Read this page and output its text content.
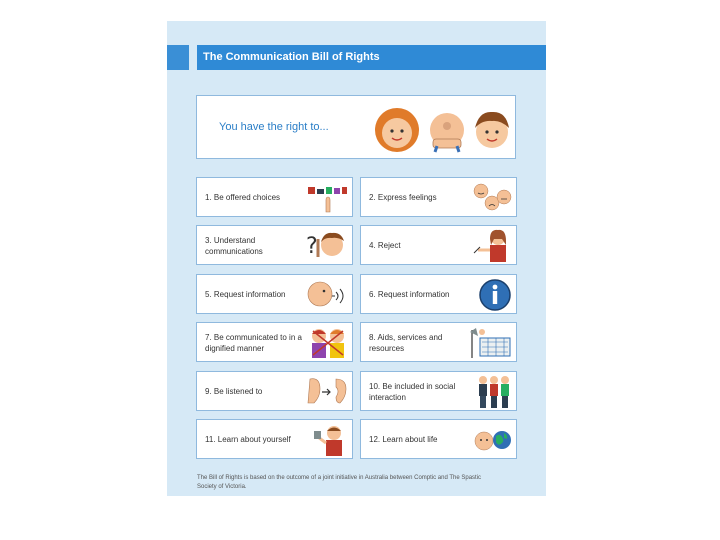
The Communication Bill of Rights
You have the right to...
1. Be offered choices
3. Understand communications	?
5. Request information
7. Be communicated to in a dignified manner
9. Be listened to
11. Learn about yourself
2. Express feelings
4. Reject
6. Request information
8. Aids, services and resources
10. Be included in social interaction
12. Learn about life
The Bill of Rights is based on the outcome of a joint initiative in Australia between Comptic and The Spastic Society of Victoria.
